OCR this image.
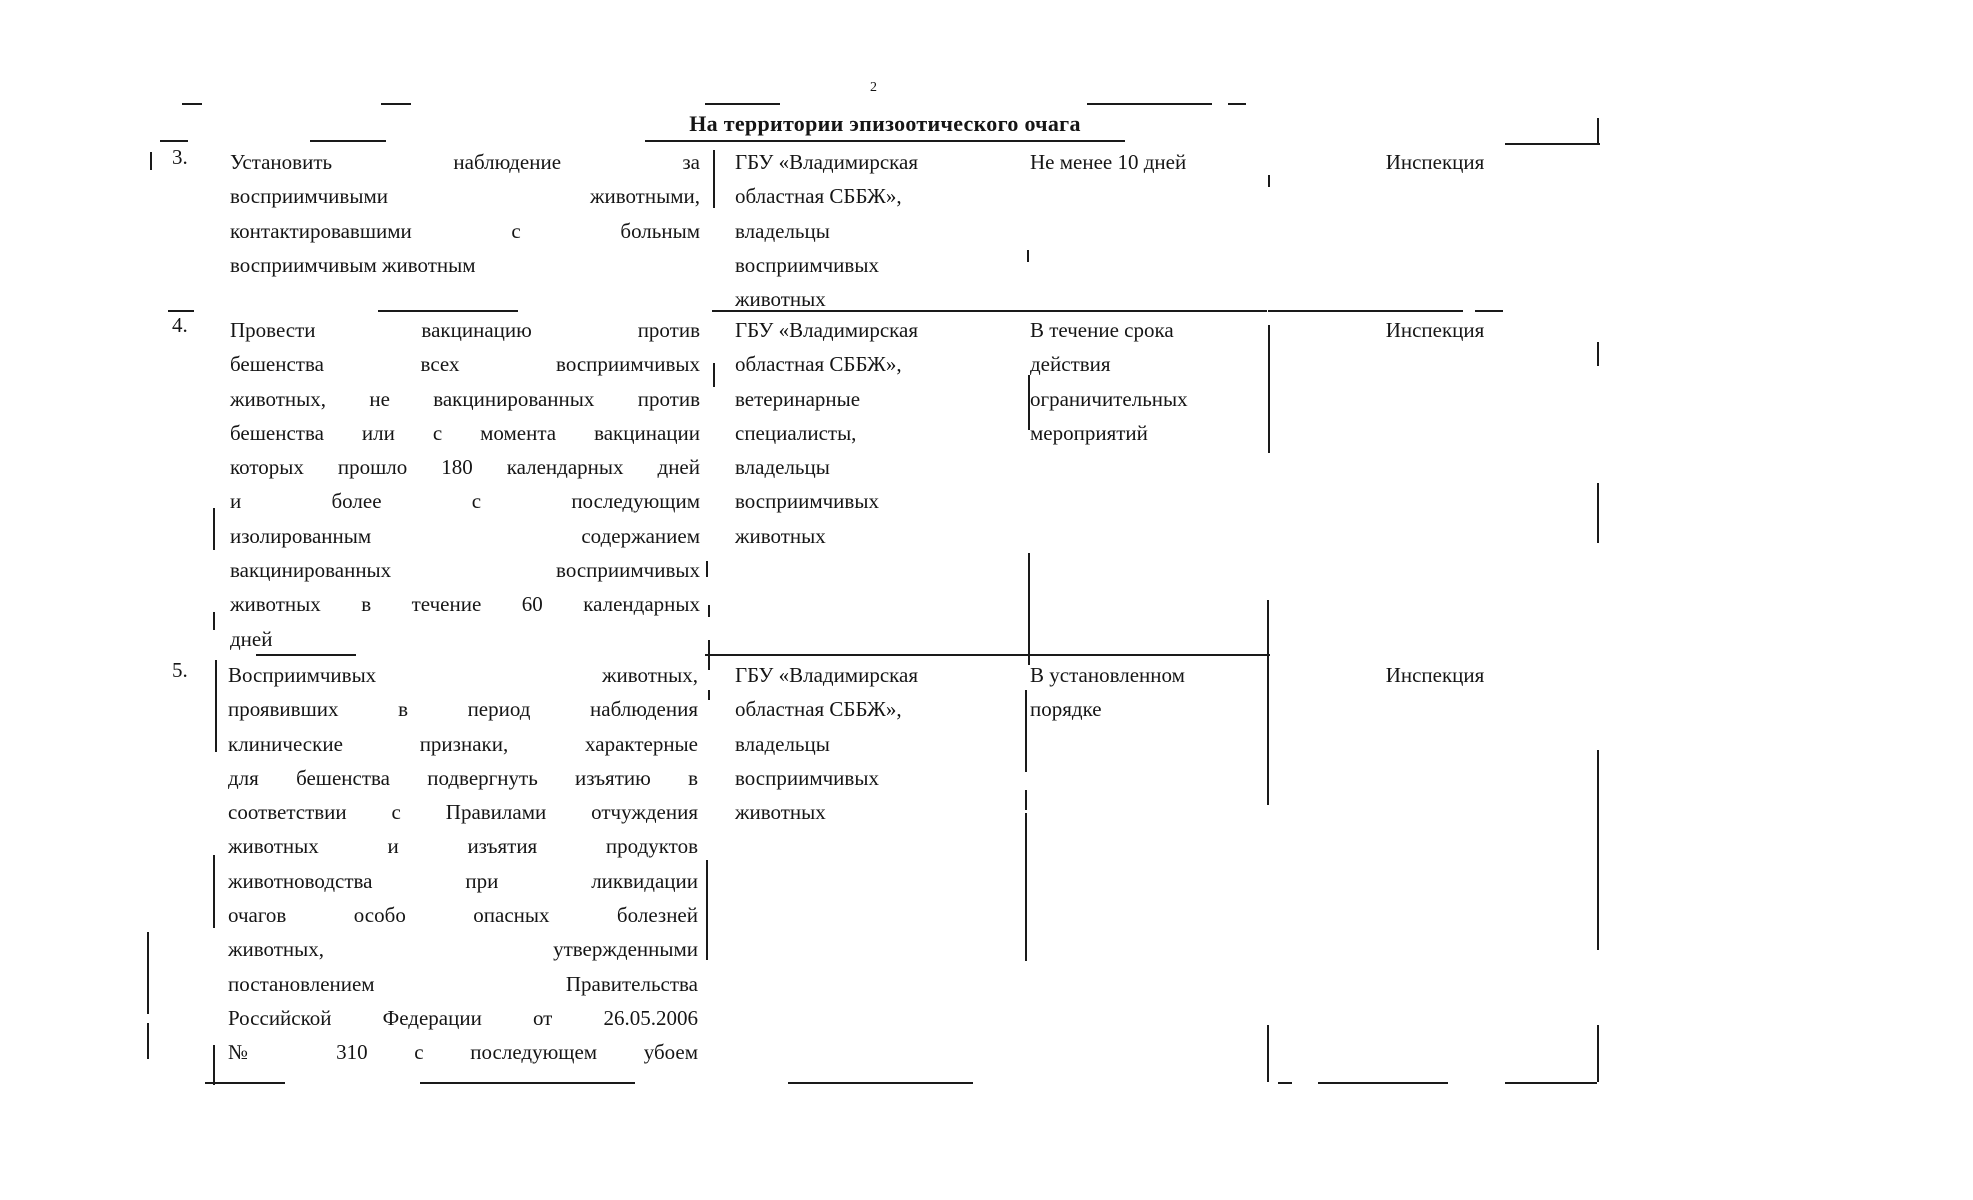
2
На территории эпизоотического очага
3. Установить наблюдение за
восприимчивыми животными,
контактировавшими с больным
восприимчивым животным
ГБУ «Владимирская
областная СББЖ»,
владельцы
восприимчивых
животных
Не менее 10 дней	Инспекция
4. Провести вакцинацию против
бешенства всех восприимчивых
животных, не вакцинированных против
бешенства или с момента вакцинации
которых прошло 180 календарных дней
и более с последующим
изолированным содержанием
вакцинированных восприимчивых
животных в течение 60 календарных
дней
ГБУ «Владимирская
областная СББЖ»,
ветеринарные
специалисты,
владельцы
восприимчивых
животных
В течение срока
действия
ограничительных
мероприятий
Инспекция
5. Восприимчивых животных,
проявивших в период наблюдения
клинические признаки, характерные
для бешенства подвергнуть изъятию в
соответствии с Правилами отчуждения
животных и изъятия продуктов
животноводства при ликвидации
очагов особо опасных болезней
животных, утвержденными
постановлением Правительства
Российской Федерации от 26.05.2006
№ 310 с последующем убоем
ГБУ «Владимирская
областная СББЖ»,
владельцы
восприимчивых
животных
В установленном
порядке
Инспекция
